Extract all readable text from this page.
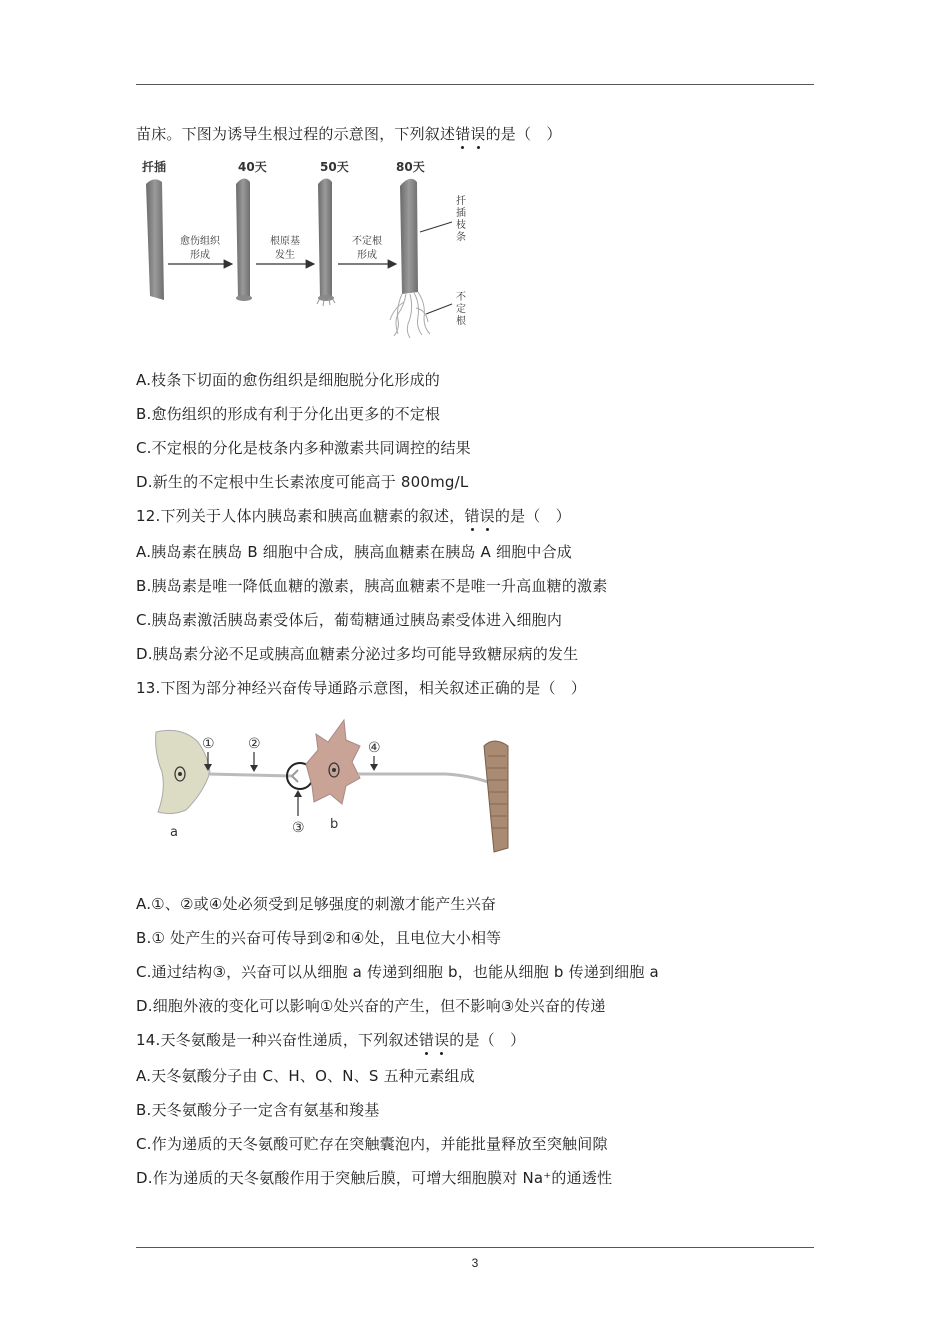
苗床。下图为诱导生根过程的示意图，下列叙述错误的是（　）
扦插	40天	50天	80天
愈伤组织
形成
根原基
发生
不定根
形成
扦
插
枝
条
不
定
根
A.枝条下切面的愈伤组织是细胞脱分化形成的
B.愈伤组织的形成有利于分化出更多的不定根
C.不定根的分化是枝条内多种激素共同调控的结果
D.新生的不定根中生长素浓度可能高于 800mg/L
12.下列关于人体内胰岛素和胰高血糖素的叙述，错误的是（　）
A.胰岛素在胰岛 B 细胞中合成，胰高血糖素在胰岛 A 细胞中合成
B.胰岛素是唯一降低血糖的激素，胰高血糖素不是唯一升高血糖的激素
C.胰岛素激活胰岛素受体后，葡萄糖通过胰岛素受体进入细胞内
D.胰岛素分泌不足或胰高血糖素分泌过多均可能导致糖尿病的发生
13.下图为部分神经兴奋传导通路示意图，相关叙述正确的是（　）
a
b
① ②	④
③
A.①、②或④处必须受到足够强度的刺激才能产生兴奋
B.① 处产生的兴奋可传导到②和④处，且电位大小相等
C.通过结构③，兴奋可以从细胞 a 传递到细胞 b，也能从细胞 b 传递到细胞 a
D.细胞外液的变化可以影响①处兴奋的产生，但不影响③处兴奋的传递
14.天冬氨酸是一种兴奋性递质，下列叙述错误的是（　）
A.天冬氨酸分子由 C、H、O、N、S 五种元素组成
B.天冬氨酸分子一定含有氨基和羧基
C.作为递质的天冬氨酸可贮存在突触囊泡内，并能批量释放至突触间隙
D.作为递质的天冬氨酸作用于突触后膜，可增大细胞膜对 Na⁺的通透性
3
